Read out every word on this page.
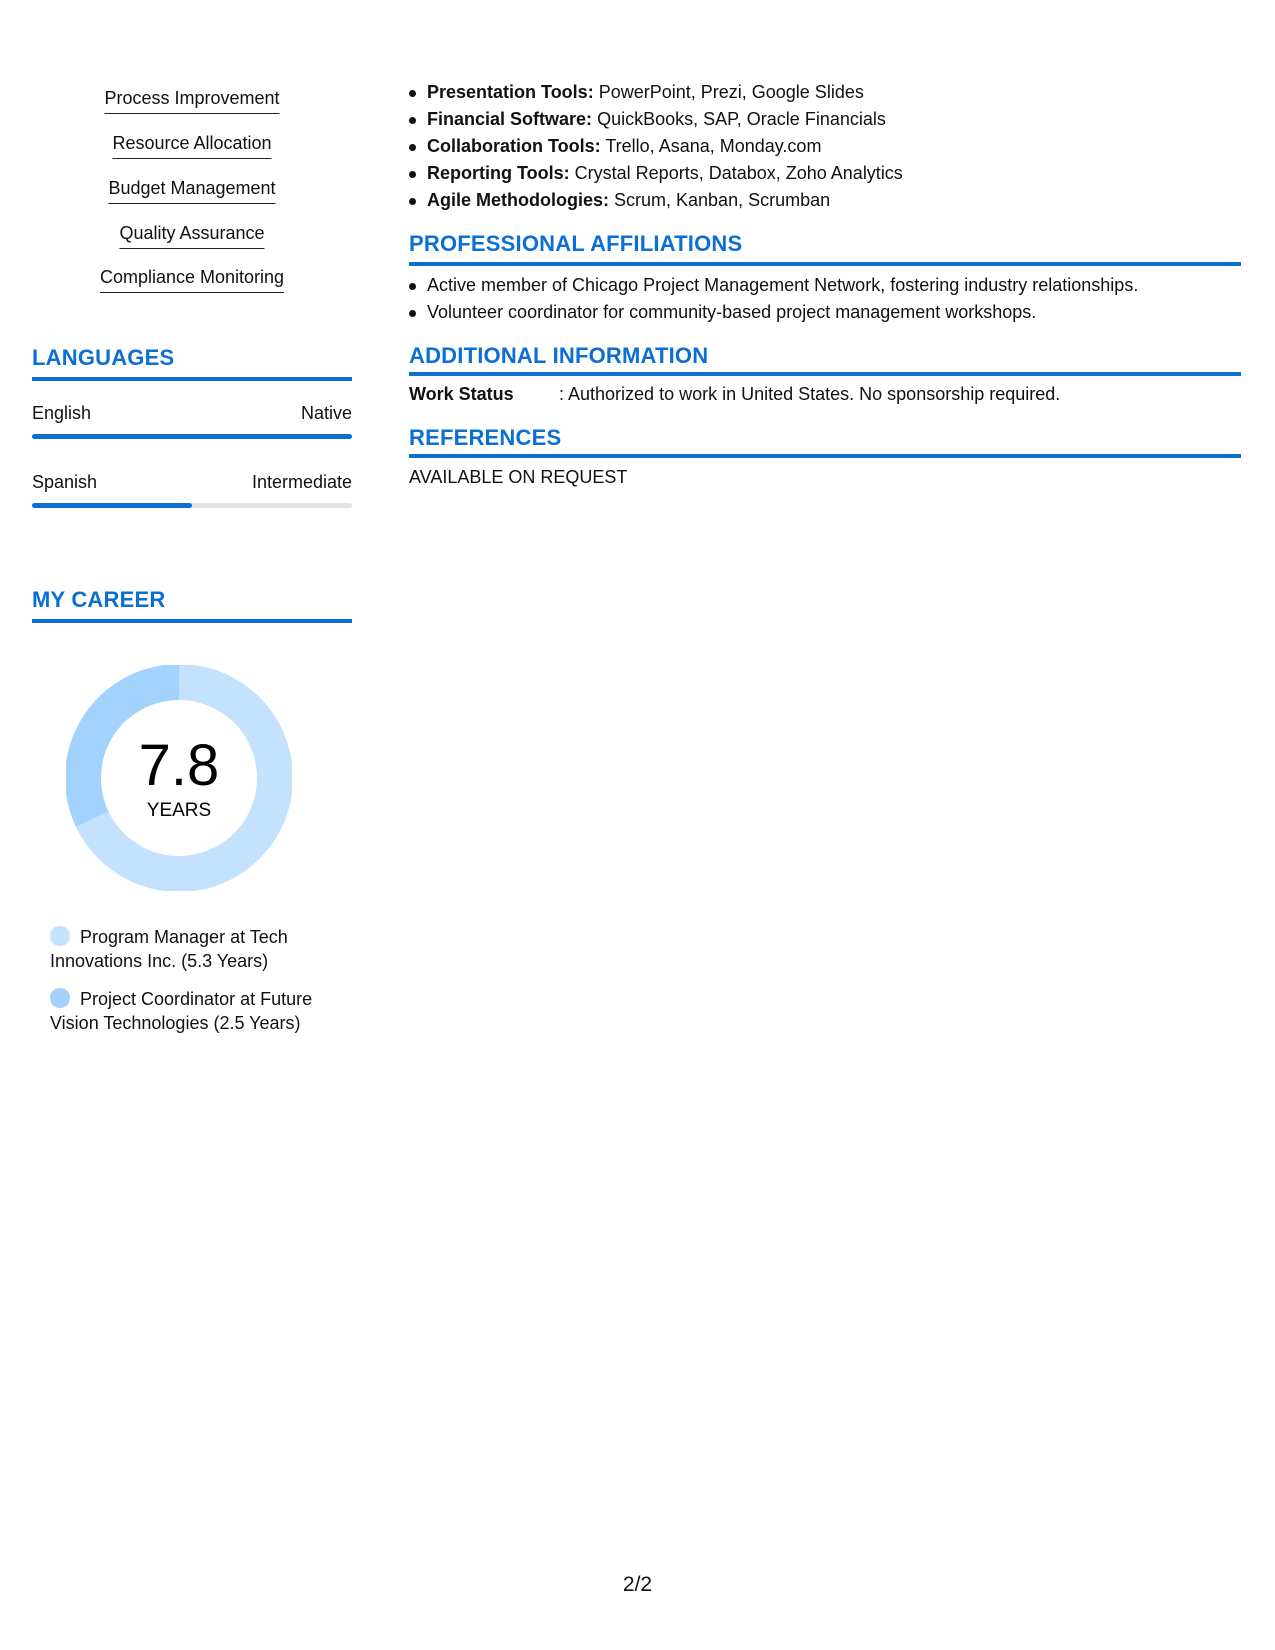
Process Improvement
Resource Allocation
Budget Management
Quality Assurance
Compliance Monitoring
LANGUAGES
English	Native
Spanish	Intermediate
MY CAREER
7.8
YEARS
Program Manager at Tech Innovations Inc. (5.3 Years)
Project Coordinator at Future Vision Technologies (2.5 Years)
Presentation Tools: PowerPoint, Prezi, Google Slides
Financial Software: QuickBooks, SAP, Oracle Financials
Collaboration Tools: Trello, Asana, Monday.com
Reporting Tools: Crystal Reports, Databox, Zoho Analytics
Agile Methodologies: Scrum, Kanban, Scrumban
PROFESSIONAL AFFILIATIONS
Active member of Chicago Project Management Network, fostering industry relationships.
Volunteer coordinator for community-based project management workshops.
ADDITIONAL INFORMATION
Work Status	: Authorized to work in United States. No sponsorship required.
REFERENCES
AVAILABLE ON REQUEST
2/2
